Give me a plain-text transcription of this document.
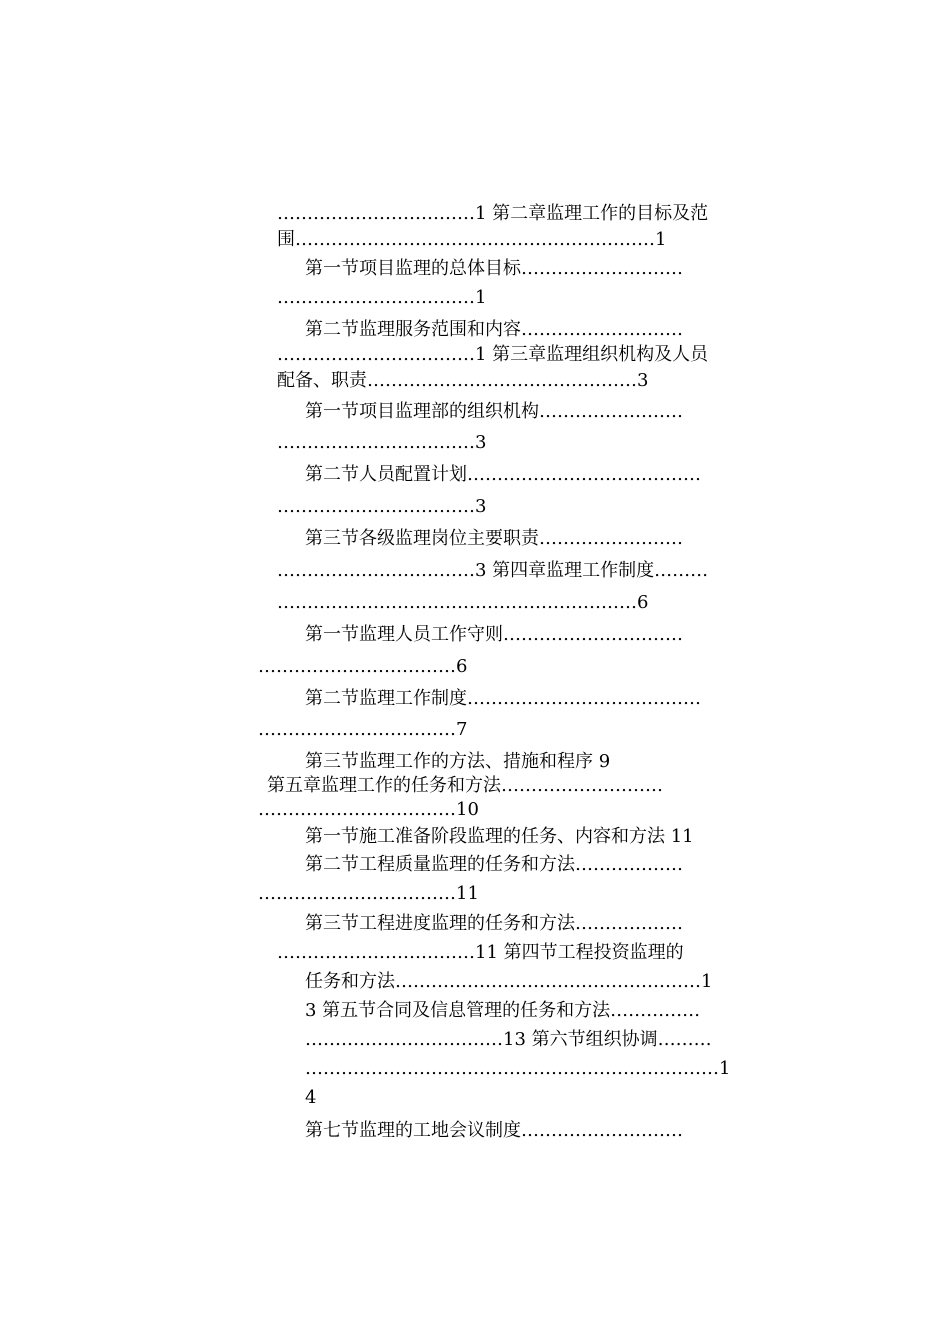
……………………………1 第二章监理工作的目标及范
围……………………………………………………1
第一节项目监理的总体目标………………………
……………………………1
第二节监理服务范围和内容………………………
……………………………1 第三章监理组织机构及人员
配备、职责………………………………………3
第一节项目监理部的组织机构……………………
……………………………3
第二节人员配置计划…………………………………
……………………………3
第三节各级监理岗位主要职责……………………
……………………………3 第四章监理工作制度………
……………………………………………………6
第一节监理人员工作守则…………………………
……………………………6
第二节监理工作制度…………………………………
……………………………7
第三节监理工作的方法、措施和程序 9
第五章监理工作的任务和方法………………………
……………………………10
第一节施工准备阶段监理的任务、内容和方法 11
第二节工程质量监理的任务和方法………………
……………………………11
第三节工程进度监理的任务和方法………………
……………………………11 第四节工程投资监理的
任务和方法……………………………………………1
3 第五节合同及信息管理的任务和方法……………
……………………………13 第六节组织协调………
……………………………………………………………1
4
第七节监理的工地会议制度………………………
